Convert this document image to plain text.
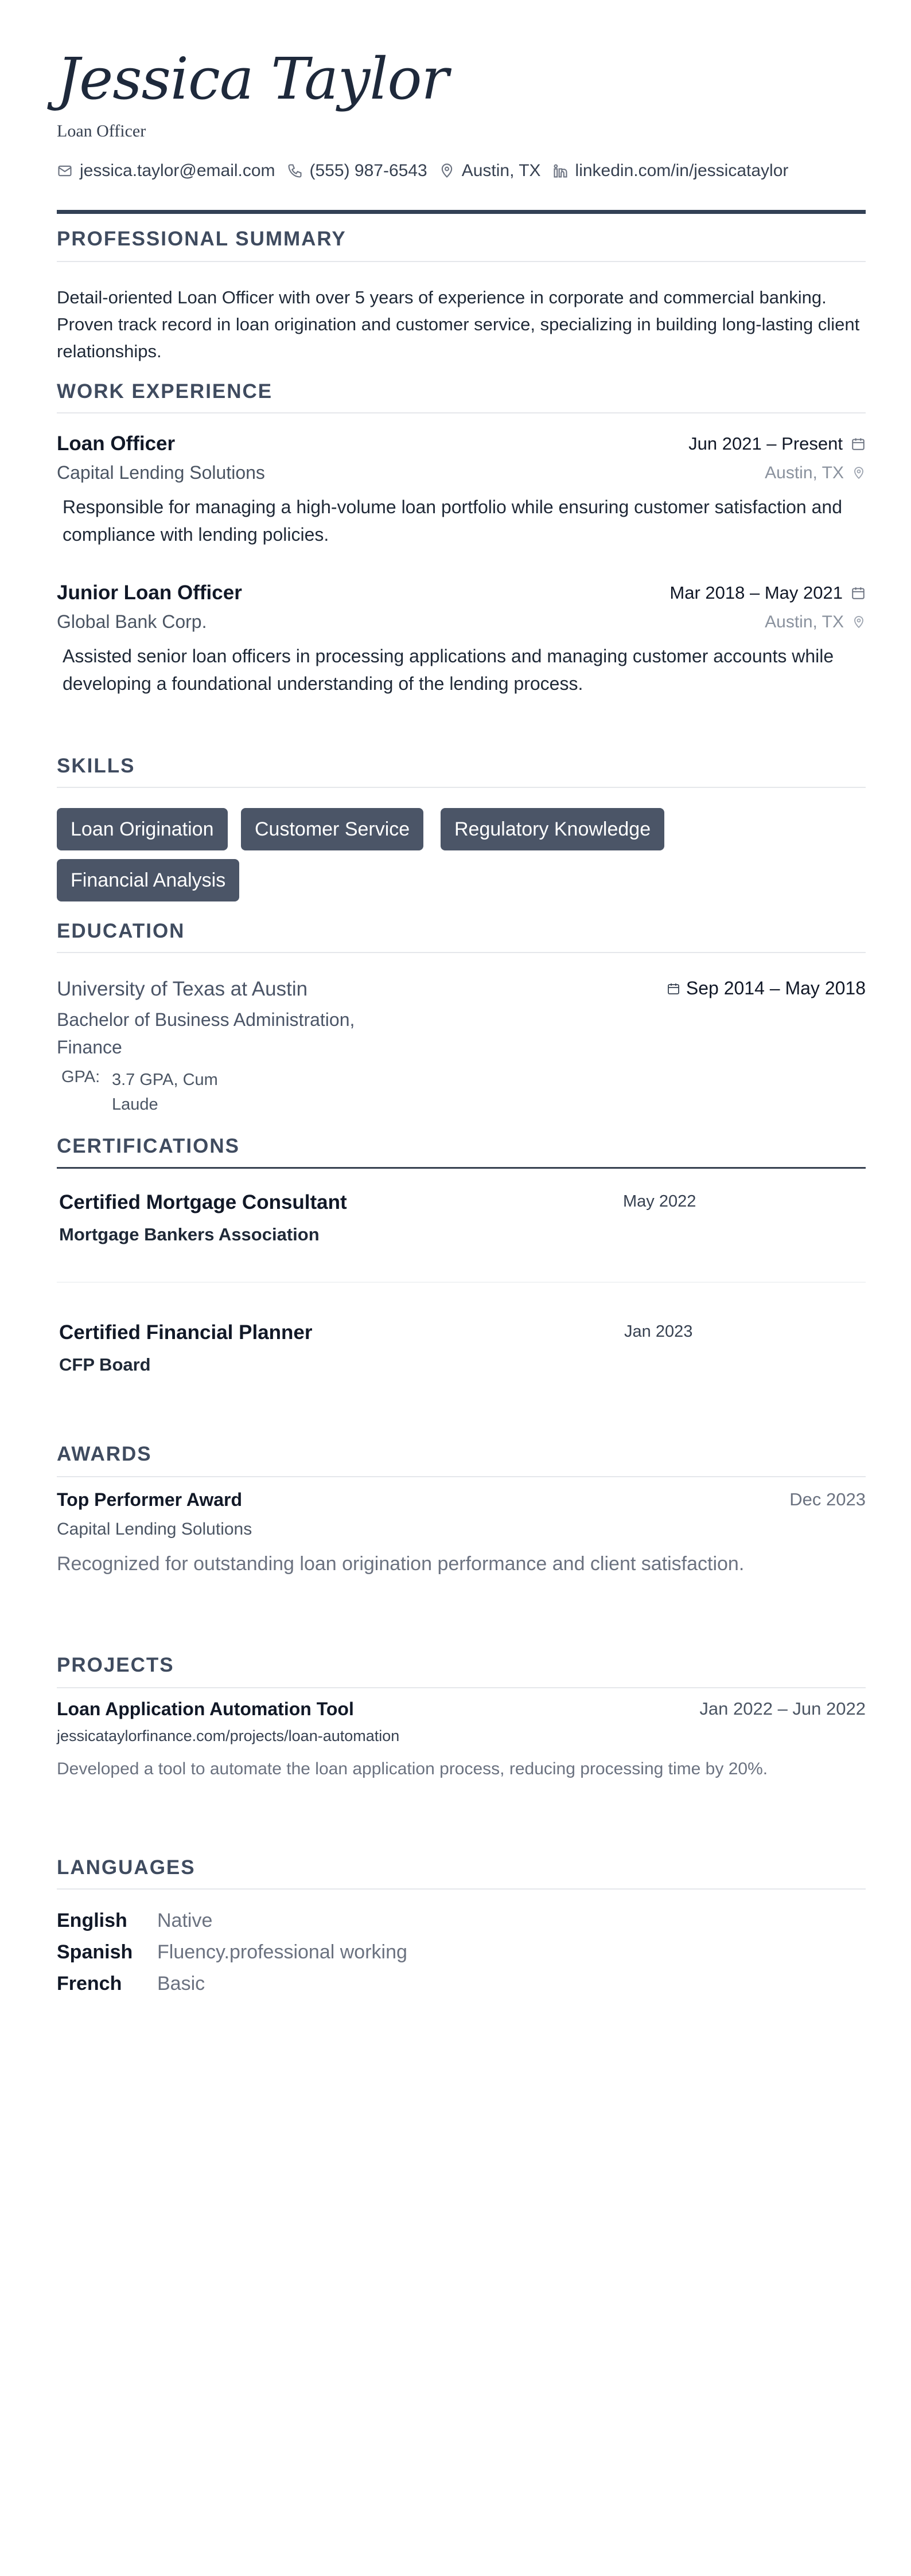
Jessica Taylor
Loan Officer
jessica.taylor@email.com (555) 987-6543 Austin, TX linkedin.com/in/jessicataylor
PROFESSIONAL SUMMARY
Detail-oriented Loan Officer with over 5 years of experience in corporate and commercial banking. Proven track record in loan origination and customer service, specializing in building long-lasting client relationships.
WORK EXPERIENCE
Loan Officer	Jun 2021 – Present
Capital Lending Solutions	Austin, TX
Responsible for managing a high-volume loan portfolio while ensuring customer satisfaction and compliance with lending policies.
Junior Loan Officer	Mar 2018 – May 2021
Global Bank Corp.	Austin, TX
Assisted senior loan officers in processing applications and managing customer accounts while developing a foundational understanding of the lending process.
SKILLS
Loan Origination	Customer Service	Regulatory Knowledge
Financial Analysis
EDUCATION
University of Texas at Austin	Sep 2014 – May 2018
Bachelor of Business Administration, Finance
GPA: 3.7 GPA, Cum Laude
CERTIFICATIONS
Certified Mortgage Consultant	May 2022
Mortgage Bankers Association
Certified Financial Planner	Jan 2023
CFP Board
AWARDS
Top Performer Award	Dec 2023
Capital Lending Solutions
Recognized for outstanding loan origination performance and client satisfaction.
PROJECTS
Loan Application Automation Tool	Jan 2022 – Jun 2022
jessicataylorfinance.com/projects/loan-automation
Developed a tool to automate the loan application process, reducing processing time by 20%.
LANGUAGES
English Native
Spanish Fluency.professional working
French Basic
